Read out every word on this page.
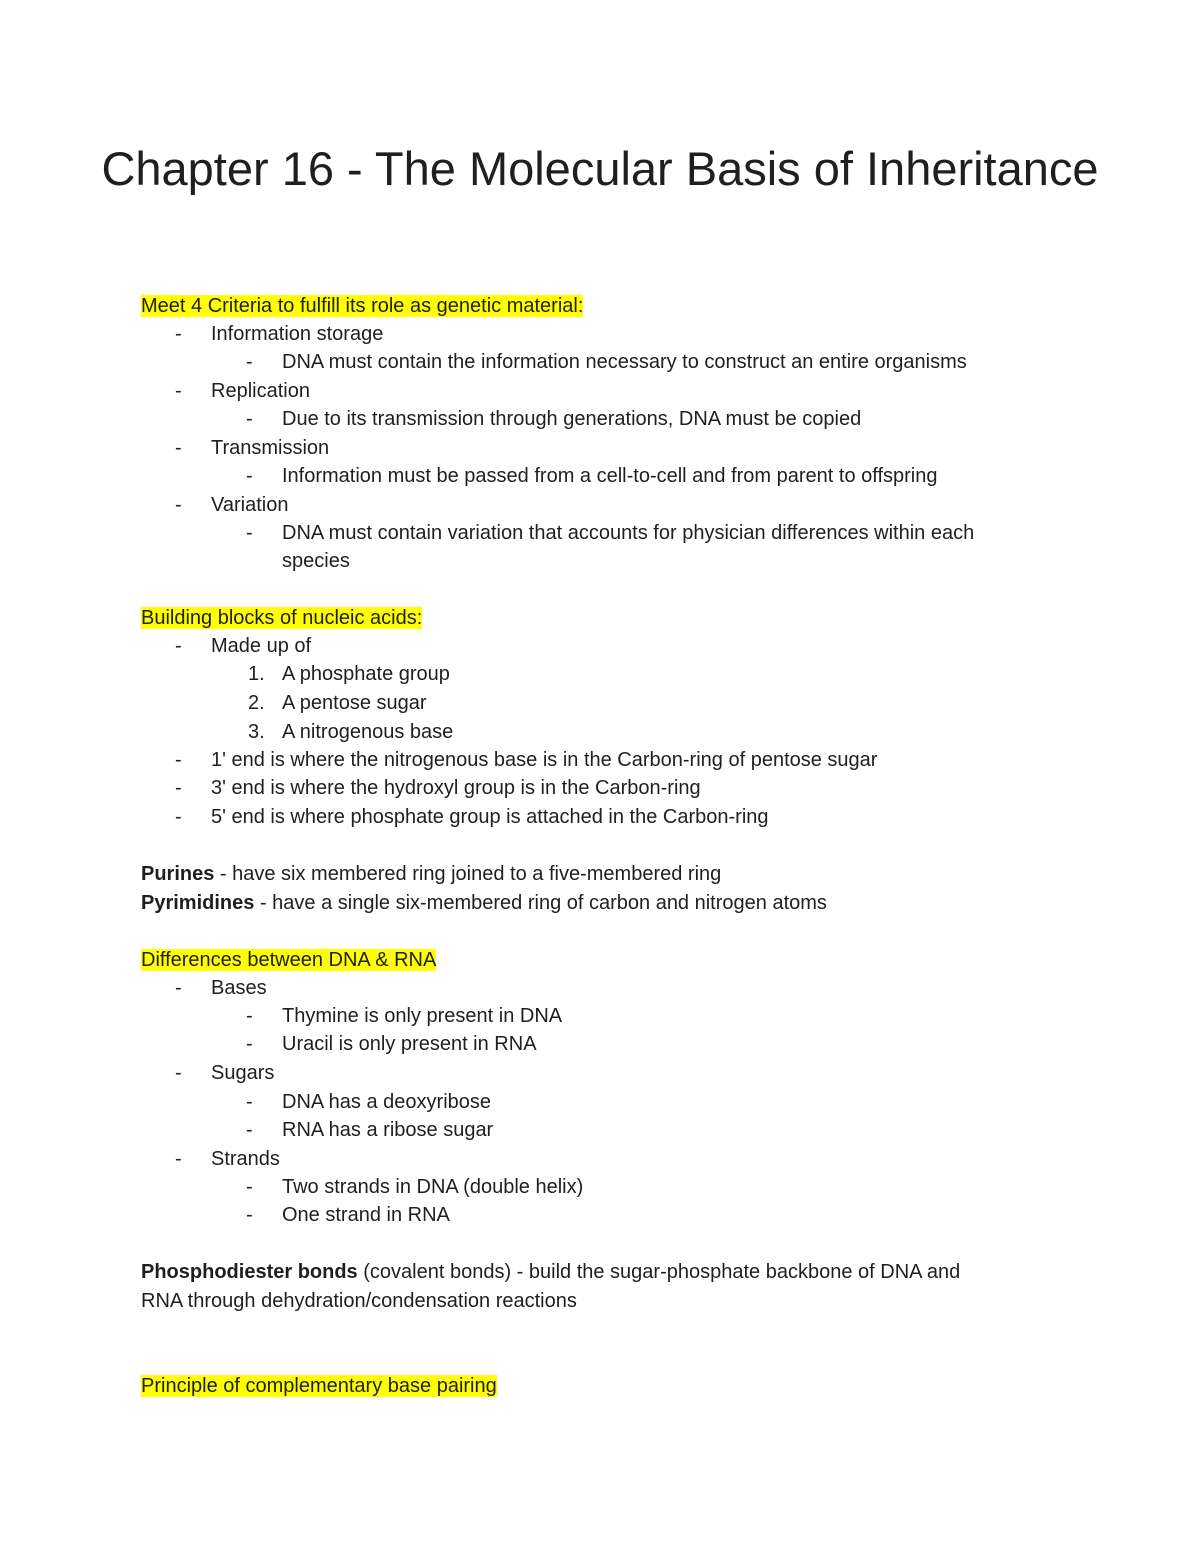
Chapter 16 - The Molecular Basis of Inheritance
Meet 4 Criteria to fulfill its role as genetic material:
- Information storage
- DNA must contain the information necessary to construct an entire organisms
- Replication
- Due to its transmission through generations, DNA must be copied
- Transmission
- Information must be passed from a cell-to-cell and from parent to offspring
- Variation
- DNA must contain variation that accounts for physician differences within each
species
Building blocks of nucleic acids:
- Made up of
1. A phosphate group
2. A pentose sugar
3. A nitrogenous base
- 1' end is where the nitrogenous base is in the Carbon-ring of pentose sugar
- 3' end is where the hydroxyl group is in the Carbon-ring
- 5' end is where phosphate group is attached in the Carbon-ring
Purines - have six membered ring joined to a five-membered ring
Pyrimidines - have a single six-membered ring of carbon and nitrogen atoms
Differences between DNA & RNA
- Bases
- Thymine is only present in DNA
- Uracil is only present in RNA
- Sugars
- DNA has a deoxyribose
- RNA has a ribose sugar
- Strands
- Two strands in DNA (double helix)
- One strand in RNA
Phosphodiester bonds (covalent bonds) - build the sugar-phosphate backbone of DNA and
RNA through dehydration/condensation reactions
Principle of complementary base pairing
